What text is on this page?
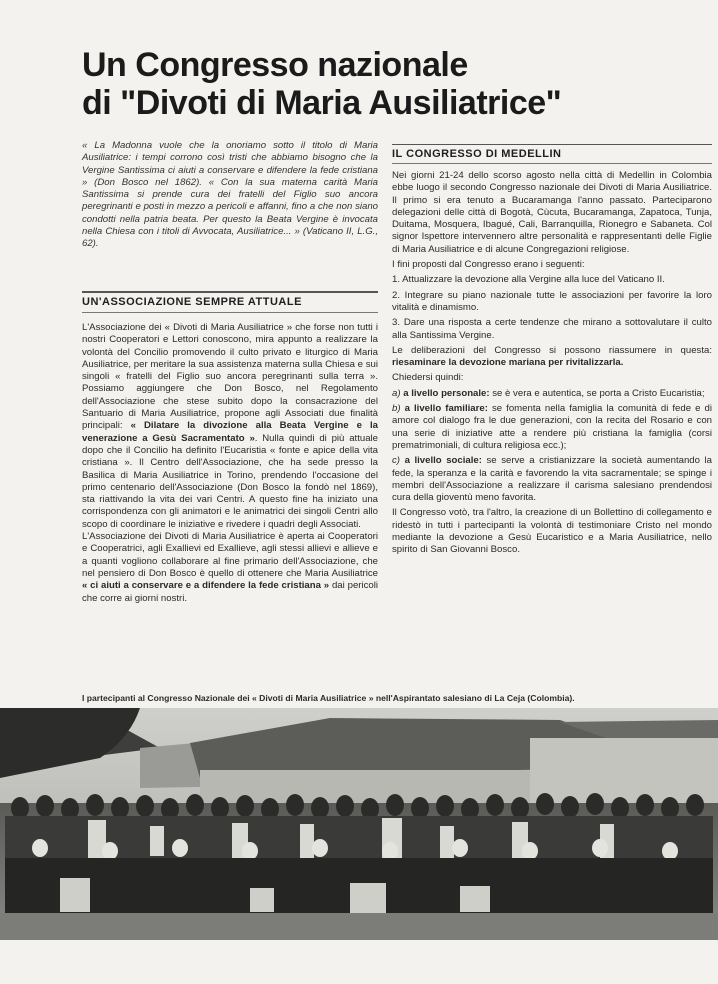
Un Congresso nazionale
di "Divoti di Maria Ausiliatrice"

« La Madonna vuole che la onoriamo sotto il titolo di Maria Ausiliatrice: i tempi corrono così tristi che abbiamo bisogno che la Vergine Santissima ci aiuti a conservare e difendere la fede cristiana » (Don Bosco nel 1862). « Con la sua materna carità Maria Santissima si prende cura dei fratelli del Figlio suo ancora peregrinanti e posti in mezzo a pericoli e affanni, fino a che non siano condotti nella patria beata. Per questo la Beata Vergine è invocata nella Chiesa con i titoli di Avvocata, Ausiliatrice... » (Vaticano II, L.G., 62).

UN'ASSOCIAZIONE SEMPRE ATTUALE

L'Associazione dei « Divoti di Maria Ausiliatrice » che forse non tutti i nostri Cooperatori e Lettori conoscono, mira appunto a realizzare la volontà del Concilio promovendo il culto privato e liturgico di Maria Ausiliatrice, per meritare la sua assistenza materna sulla Chiesa e sui singoli « fratelli del Figlio suo ancora peregrinanti sulla terra ». Possiamo aggiungere che Don Bosco, nel Regolamento dell'Associazione che stese subito dopo la consacrazione del Santuario di Maria Ausiliatrice, propone agli Associati due finalità principali: « Dilatare la divozione alla Beata Vergine e la venerazione a Gesù Sacramentato ». Nulla quindi di più attuale dopo che il Concilio ha definito l'Eucaristia « fonte e apice della vita cristiana ». Il Centro dell'Associazione, che ha sede presso la Basilica di Maria Ausiliatrice in Torino, prendendo l'occasione del primo centenario dell'Associazione (Don Bosco la fondò nel 1869), sta riattivando la vita dei vari Centri. A questo fine ha iniziato una corrispondenza con gli animatori e le animatrici dei singoli Centri allo scopo di coordinare le iniziative e rivedere i quadri degli Associati.

L'Associazione dei Divoti di Maria Ausiliatrice è aperta ai Cooperatori e Cooperatrici, agli Exallievi ed Exallieve, agli stessi allievi e allieve e a quanti vogliono collaborare al fine primario dell'Associazione, che nel pensiero di Don Bosco è quello di ottenere che Maria Ausiliatrice « ci aiuti a conservare e a difendere la fede cristiana » dai pericoli che corre ai giorni nostri.

IL CONGRESSO DI MEDELLIN

Nei giorni 21-24 dello scorso agosto nella città di Medellin in Colombia ebbe luogo il secondo Congresso nazionale dei Divoti di Maria Ausiliatrice. Il primo si era tenuto a Bucaramanga l'anno passato. Parteciparono delegazioni delle città di Bogotà, Cùcuta, Bucaramanga, Zapatoca, Tunja, Duitama, Mosquera, Ibagué, Cali, Barranquilla, Rionegro e Sabaneta. Col signor Ispettore intervennero altre personalità e rappresentanti delle Figlie di Maria Ausiliatrice e di alcune Congregazioni religiose.

I fini proposti dal Congresso erano i seguenti:

1. Attualizzare la devozione alla Vergine alla luce del Vaticano II.

2. Integrare su piano nazionale tutte le associazioni per favorire la loro vitalità e dinamismo.

3. Dare una risposta a certe tendenze che mirano a sottovalutare il culto alla Santissima Vergine.

Le deliberazioni del Congresso si possono riassumere in questa: riesaminare la devozione mariana per rivitalizzarla.

Chiedersi quindi:

a) a livello personale: se è vera e autentica, se porta a Cristo Eucaristia;

b) a livello familiare: se fomenta nella famiglia la comunità di fede e di amore col dialogo fra le due generazioni, con la recita del Rosario e con una serie di iniziative atte a rendere più cristiana la famiglia (corsi prematrimoniali, di cultura religiosa ecc.);

c) a livello sociale: se serve a cristianizzare la società aumentando la fede, la speranza e la carità e favorendo la vita sacramentale; se spinge i membri dell'Associazione a realizzare il carisma salesiano prendendosi cura della gioventù meno favorita.

Il Congresso votò, tra l'altro, la creazione di un Bollettino di collegamento e ridestò in tutti i partecipanti la volontà di testimoniare Cristo nel mondo mediante la devozione a Gesù Eucaristico e a Maria Ausiliatrice, nello spirito di San Giovanni Bosco.

I partecipanti al Congresso Nazionale dei « Divoti di Maria Ausiliatrice » nell'Aspirantato salesiano di La Ceja (Colombia).
